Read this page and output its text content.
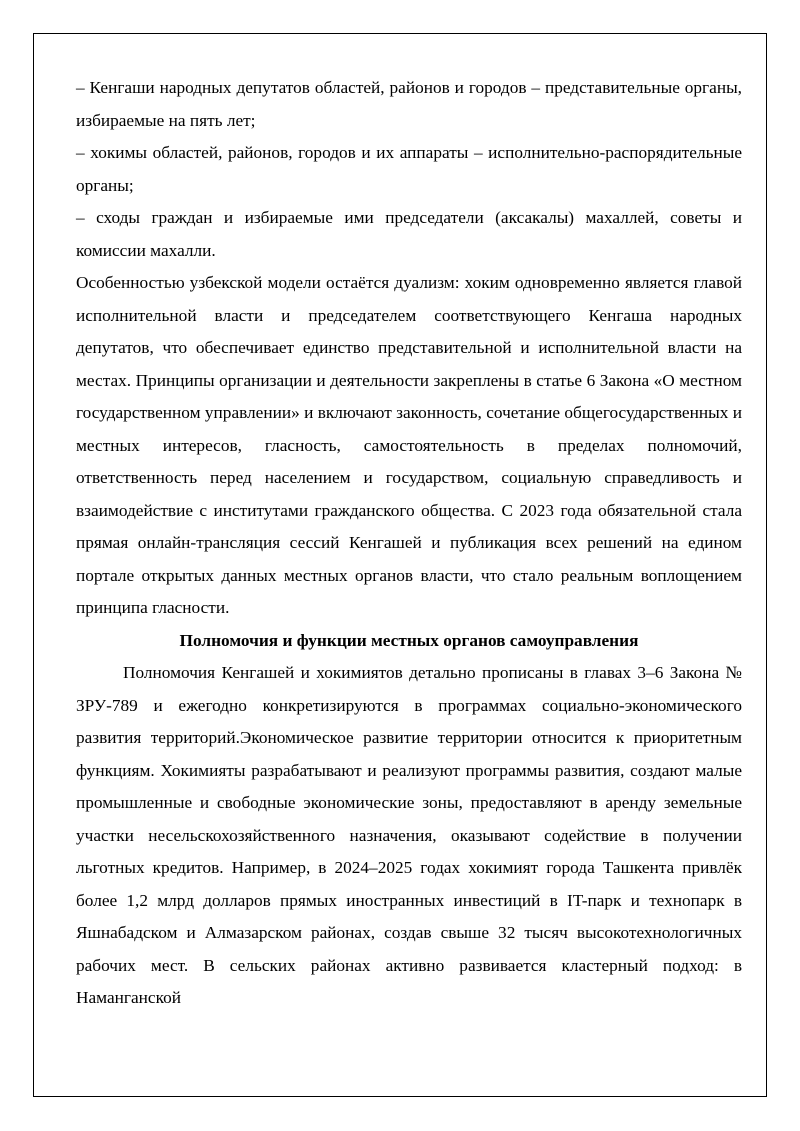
– Кенгаши народных депутатов областей, районов и городов – представительные органы, избираемые на пять лет;

– хокимы областей, районов, городов и их аппараты – исполнительно-распорядительные органы;

– сходы граждан и избираемые ими председатели (аксакалы) махаллей, советы и комиссии махалли.

Особенностью узбекской модели остаётся дуализм: хоким одновременно является главой исполнительной власти и председателем соответствующего Кенгаша народных депутатов, что обеспечивает единство представительной и исполнительной власти на местах. Принципы организации и деятельности закреплены в статье 6 Закона «О местном государственном управлении» и включают законность, сочетание общегосударственных и местных интересов, гласность, самостоятельность в пределах полномочий, ответственность перед населением и государством, социальную справедливость и взаимодействие с институтами гражданского общества. С 2023 года обязательной стала прямая онлайн-трансляция сессий Кенгашей и публикация всех решений на едином портале открытых данных местных органов власти, что стало реальным воплощением принципа гласности.

Полномочия и функции местных органов самоуправления

Полномочия Кенгашей и хокимиятов детально прописаны в главах 3–6 Закона № ЗРУ-789 и ежегодно конкретизируются в программах социально-экономического развития территорий.Экономическое развитие территории относится к приоритетным функциям. Хокимияты разрабатывают и реализуют программы развития, создают малые промышленные и свободные экономические зоны, предоставляют в аренду земельные участки несельскохозяйственного назначения, оказывают содействие в получении льготных кредитов. Например, в 2024–2025 годах хокимият города Ташкента привлёк более 1,2 млрд долларов прямых иностранных инвестиций в IT-парк и технопарк в Яшнабадском и Алмазарском районах, создав свыше 32 тысяч высокотехнологичных рабочих мест. В сельских районах активно развивается кластерный подход: в Наманганской
